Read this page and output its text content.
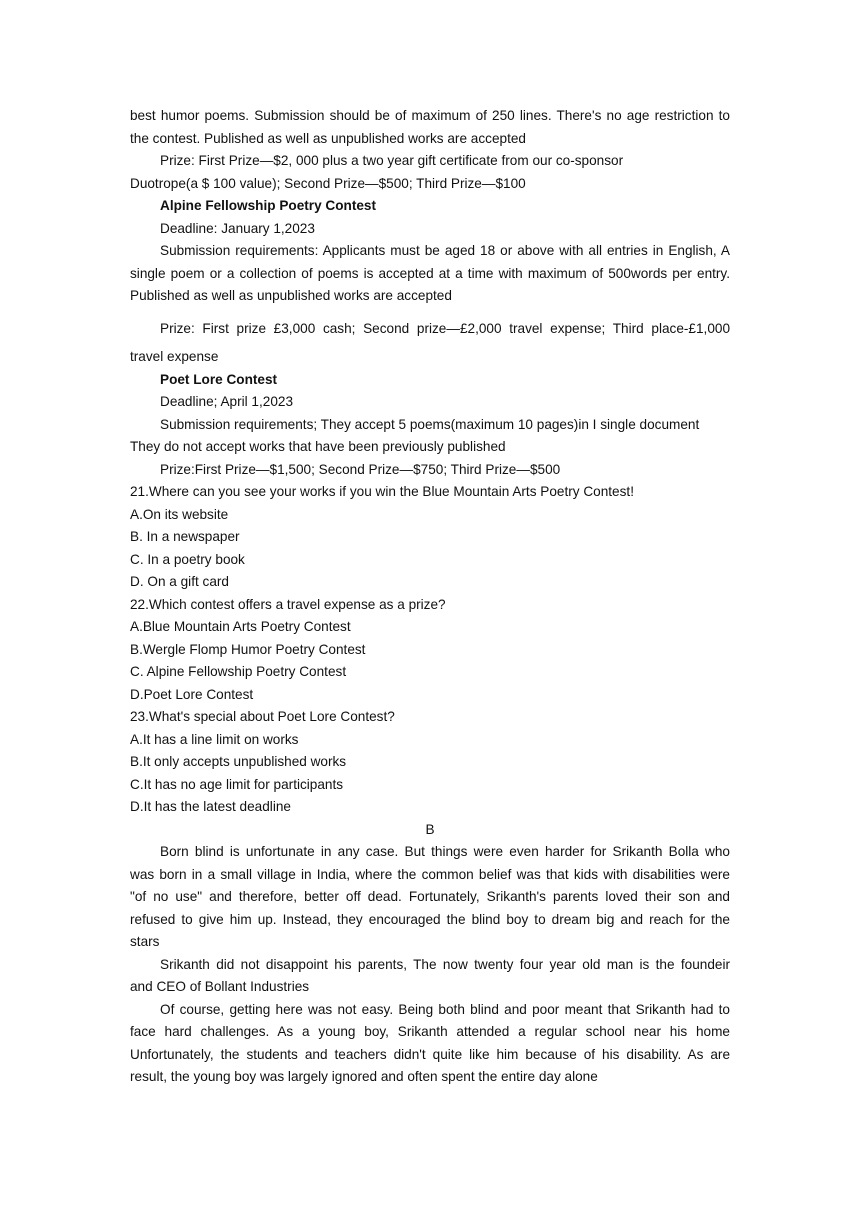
best humor poems. Submission should be of maximum of 250 lines. There's no age restriction to
the contest. Published as well as unpublished works are accepted
Prize: First Prize—$2, 000 plus a two year gift certificate from our co-sponsor
Duotrope(a $ 100 value); Second Prize—$500; Third Prize—$100
Alpine Fellowship Poetry Contest
Deadline: January 1,2023
Submission requirements: Applicants must be aged 18 or above with all entries in English, A
single poem or a collection of poems is accepted at a time with maximum of 500words per entry.
Published as well as unpublished works are accepted
Prize: First prize £3,000 cash; Second prize—£2,000 travel expense; Third place-£1,000
travel expense
Poet Lore Contest
Deadline; April 1,2023
Submission requirements; They accept 5 poems(maximum 10 pages)in I single document
They do not accept works that have been previously published
Prize:First Prize—$1,500; Second Prize—$750; Third Prize—$500
21.Where can you see your works if you win the Blue Mountain Arts Poetry Contest!
A.On its website
B. In a newspaper
C. In a poetry book
D. On a gift card
22.Which contest offers a travel expense as a prize?
A.Blue Mountain Arts Poetry Contest
B.Wergle Flomp Humor Poetry Contest
C. Alpine Fellowship Poetry Contest
D.Poet Lore Contest
23.What's special about Poet Lore Contest?
A.It has a line limit on works
B.It only accepts unpublished works
C.It has no age limit for participants
D.It has the latest deadline
B
Born blind is unfortunate in any case. But things were even harder for Srikanth Bolla who
was born in a small village in India, where the common belief was that kids with disabilities were
"of no use" and therefore, better off dead. Fortunately, Srikanth's parents loved their son and
refused to give him up. Instead, they encouraged the blind boy to dream big and reach for the
stars
Srikanth did not disappoint his parents, The now twenty four year old man is the foundeir
and CEO of Bollant Industries
Of course, getting here was not easy. Being both blind and poor meant that Srikanth had to
face hard challenges. As a young boy, Srikanth attended a regular school near his home
Unfortunately, the students and teachers didn't quite like him because of his disability. As are
result, the young boy was largely ignored and often spent the entire day alone
